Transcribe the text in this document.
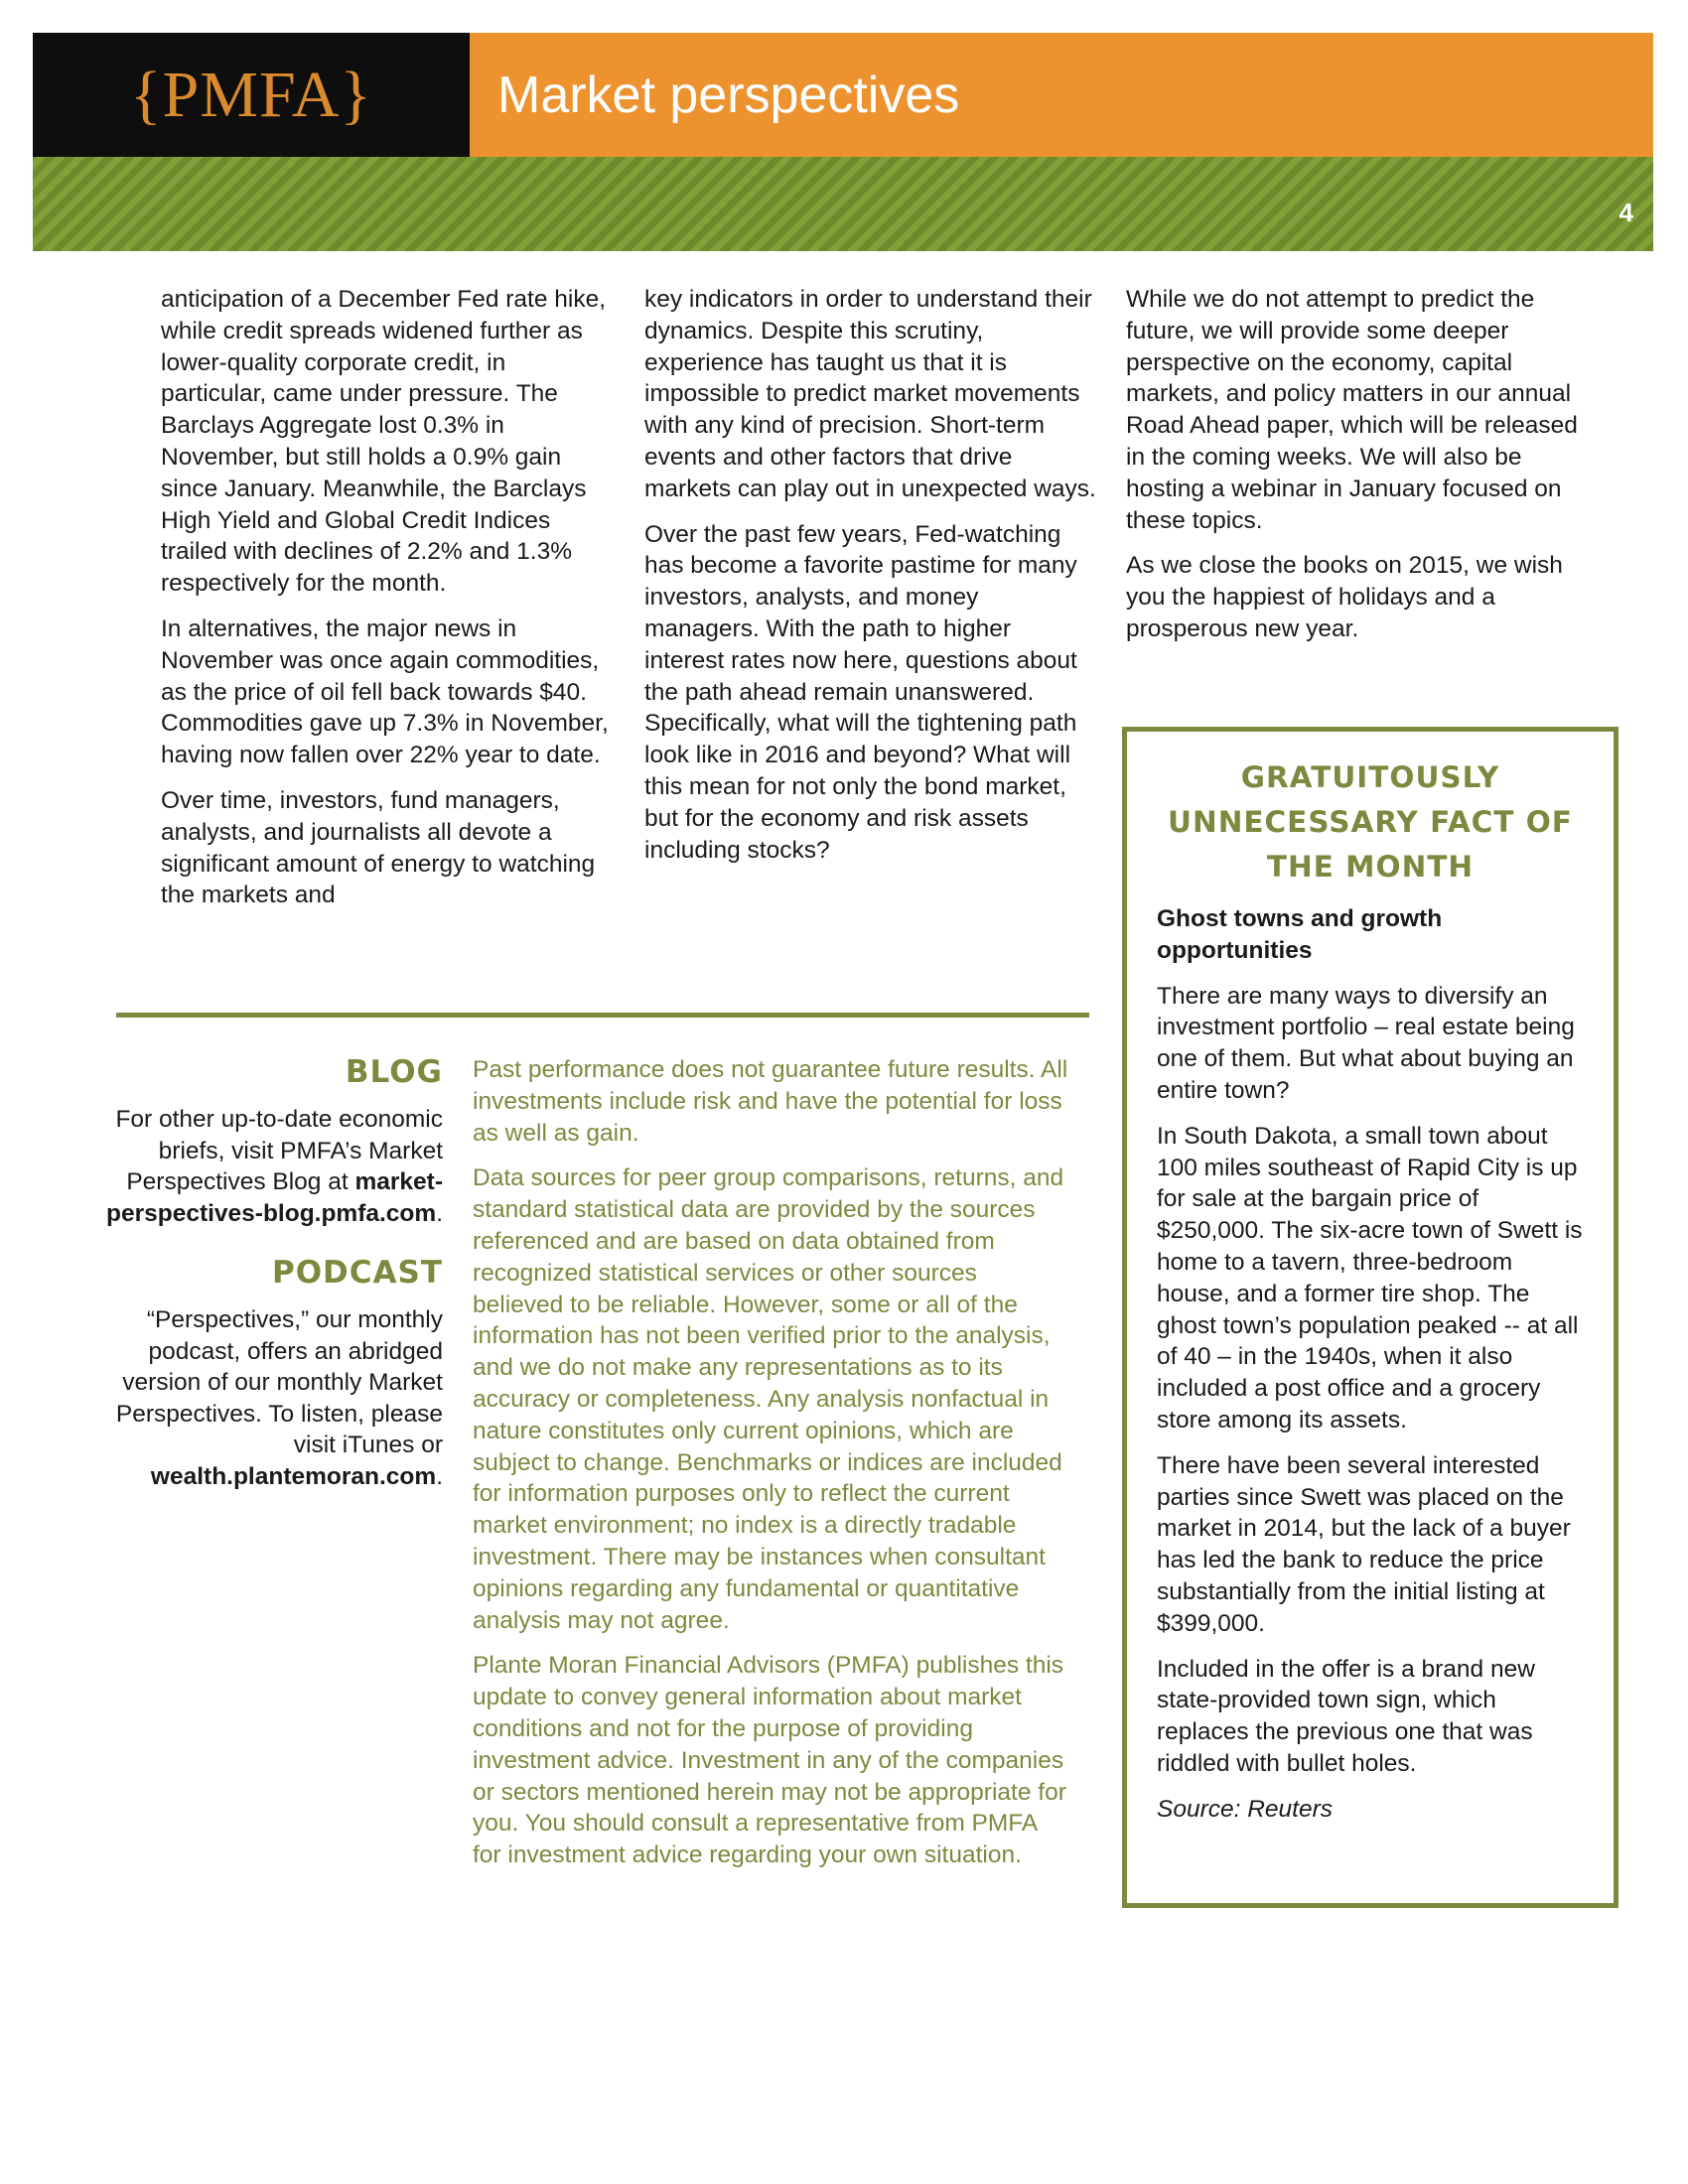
{PMFA}	Market perspectives
4

anticipation of a December Fed rate hike, while credit spreads widened further as lower-quality corporate credit, in particular, came under pressure. The Barclays Aggregate lost 0.3% in November, but still holds a 0.9% gain since January. Meanwhile, the Barclays High Yield and Global Credit Indices trailed with declines of 2.2% and 1.3% respectively for the month.

In alternatives, the major news in November was once again commodities, as the price of oil fell back towards $40. Commodities gave up 7.3% in November, having now fallen over 22% year to date.

Over time, investors, fund managers, analysts, and journalists all devote a significant amount of energy to watching the markets and

key indicators in order to understand their dynamics. Despite this scrutiny, experience has taught us that it is impossible to predict market movements with any kind of precision. Short-term events and other factors that drive markets can play out in unexpected ways.

Over the past few years, Fed-watching has become a favorite pastime for many investors, analysts, and money managers. With the path to higher interest rates now here, questions about the path ahead remain unanswered. Specifically, what will the tightening path look like in 2016 and beyond? What will this mean for not only the bond market, but for the economy and risk assets including stocks?

While we do not attempt to predict the future, we will provide some deeper perspective on the economy, capital markets, and policy matters in our annual Road Ahead paper, which will be released in the coming weeks. We will also be hosting a webinar in January focused on these topics.

As we close the books on 2015, we wish you the happiest of holidays and a prosperous new year.

GRATUITOUSLY UNNECESSARY FACT OF THE MONTH
Ghost towns and growth opportunities

There are many ways to diversify an investment portfolio – real estate being one of them. But what about buying an entire town?

In South Dakota, a small town about 100 miles southeast of Rapid City is up for sale at the bargain price of $250,000. The six-acre town of Swett is home to a tavern, three-bedroom house, and a former tire shop. The ghost town’s population peaked -- at all of 40 – in the 1940s, when it also included a post office and a grocery store among its assets.

There have been several interested parties since Swett was placed on the market in 2014, but the lack of a buyer has led the bank to reduce the price substantially from the initial listing at $399,000.

Included in the offer is a brand new state-provided town sign, which replaces the previous one that was riddled with bullet holes.

Source: Reuters

BLOG

For other up-to-date economic briefs, visit PMFA’s Market Perspectives Blog at market-perspectives-blog.pmfa.com.

PODCAST

“Perspectives,” our monthly podcast, offers an abridged version of our monthly Market Perspectives. To listen, please visit iTunes or wealth.plantemoran.com.

Past performance does not guarantee future results. All investments include risk and have the potential for loss as well as gain.

Data sources for peer group comparisons, returns, and standard statistical data are provided by the sources referenced and are based on data obtained from recognized statistical services or other sources believed to be reliable. However, some or all of the information has not been verified prior to the analysis, and we do not make any representations as to its accuracy or completeness. Any analysis nonfactual in nature constitutes only current opinions, which are subject to change. Benchmarks or indices are included for information purposes only to reflect the current market environment; no index is a directly tradable investment. There may be instances when consultant opinions regarding any fundamental or quantitative analysis may not agree.

Plante Moran Financial Advisors (PMFA) publishes this update to convey general information about market conditions and not for the purpose of providing investment advice. Investment in any of the companies or sectors mentioned herein may not be appropriate for you. You should consult a representative from PMFA for investment advice regarding your own situation.
